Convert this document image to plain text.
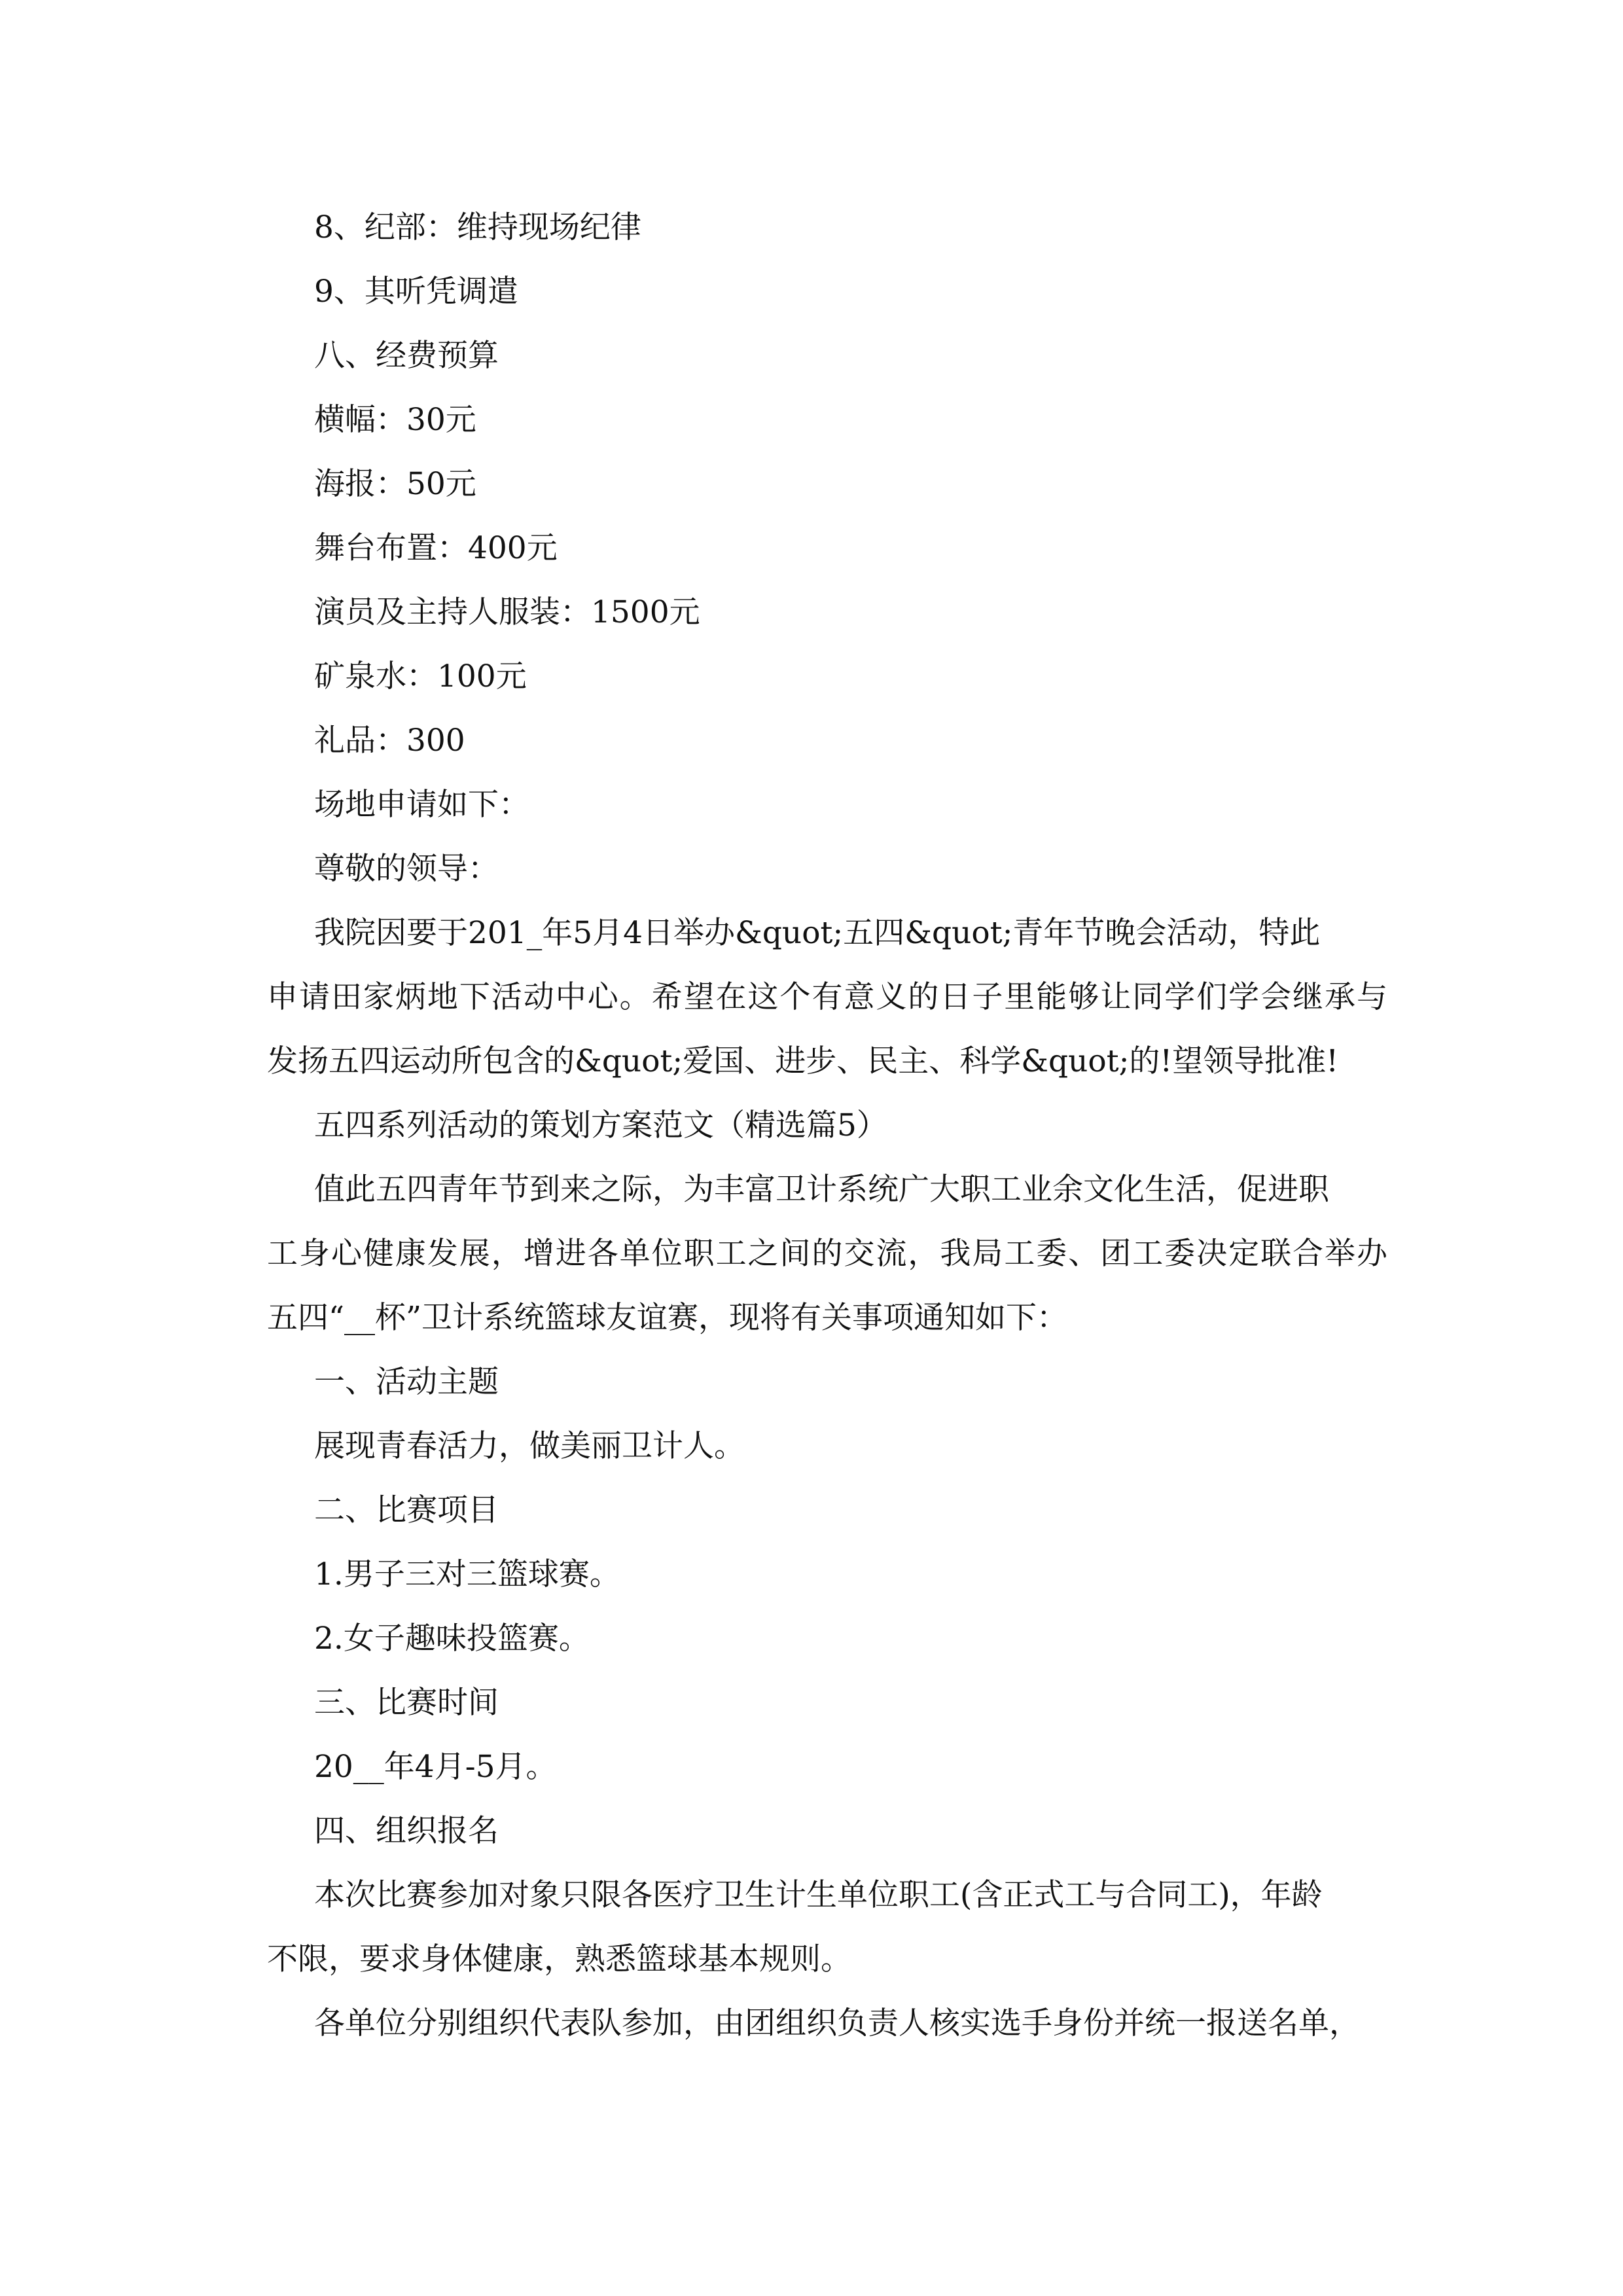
8、纪部：维持现场纪律
9、其听凭调遣
八、经费预算
横幅：30元
海报：50元
舞台布置：400元
演员及主持人服装：1500元
矿泉水：100元
礼品：300
场地申请如下：
尊敬的领导：
我院因要于201_年5月4日举办&quot;五四&quot;青年节晚会活动，特此
申请田家炳地下活动中心。希望在这个有意义的日子里能够让同学们学会继承与
发扬五四运动所包含的&quot;爱国、进步、民主、科学&quot;的!望领导批准!
五四系列活动的策划方案范文（精选篇5）
值此五四青年节到来之际，为丰富卫计系统广大职工业余文化生活，促进职
工身心健康发展，增进各单位职工之间的交流，我局工委、团工委决定联合举办
五四“__杯”卫计系统篮球友谊赛，现将有关事项通知如下：
一、活动主题
展现青春活力，做美丽卫计人。
二、比赛项目
1.男子三对三篮球赛。
2.女子趣味投篮赛。
三、比赛时间
20__年4月-5月。
四、组织报名
本次比赛参加对象只限各医疗卫生计生单位职工(含正式工与合同工)，年龄
不限，要求身体健康，熟悉篮球基本规则。
各单位分别组织代表队参加，由团组织负责人核实选手身份并统一报送名单，
